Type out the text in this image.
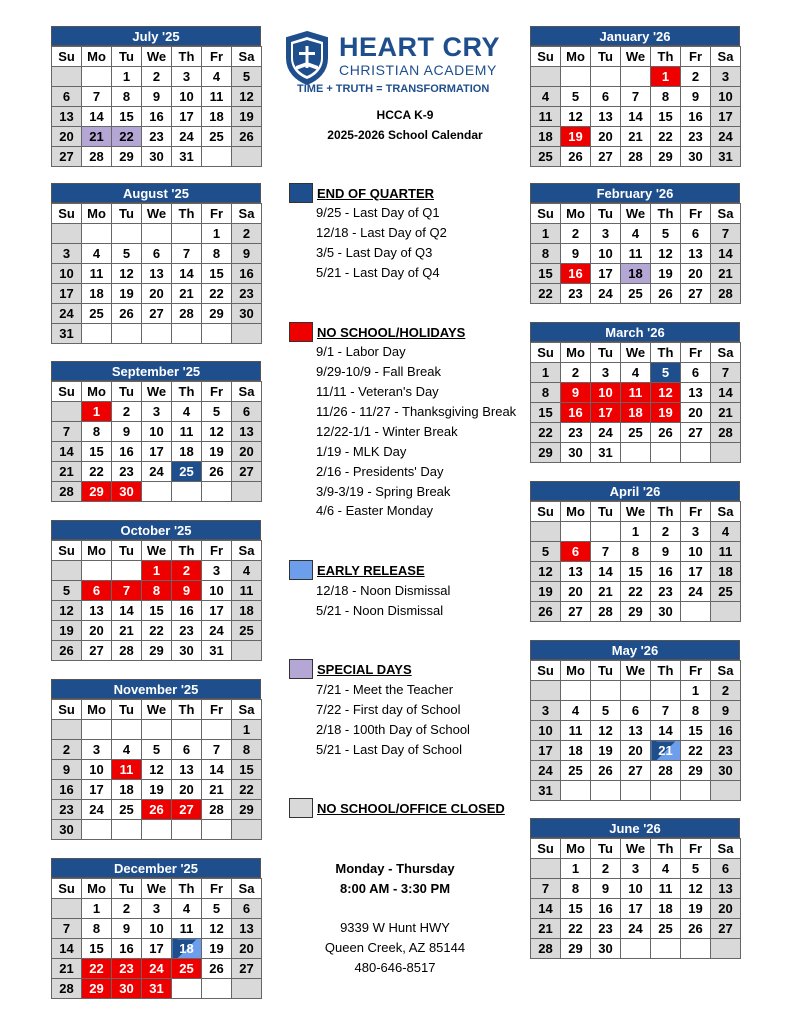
HEART CRY
CHRISTIAN ACADEMY
TIME + TRUTH = TRANSFORMATION
HCCA K-9
2025-2026 School Calendar
July '25
Su	Mo	Tu	We	Th	Fr	Sa
		1	2	3	4	5
6	7	8	9	10	11	12
13	14	15	16	17	18	19
20	21	22	23	24	25	26
27	28	29	30	31		
August '25
Su	Mo	Tu	We	Th	Fr	Sa
					1	2
3	4	5	6	7	8	9
10	11	12	13	14	15	16
17	18	19	20	21	22	23
24	25	26	27	28	29	30
31						
September '25
Su	Mo	Tu	We	Th	Fr	Sa
	1	2	3	4	5	6
7	8	9	10	11	12	13
14	15	16	17	18	19	20
21	22	23	24	25	26	27
28	29	30				
October '25
Su	Mo	Tu	We	Th	Fr	Sa
			1	2	3	4
5	6	7	8	9	10	11
12	13	14	15	16	17	18
19	20	21	22	23	24	25
26	27	28	29	30	31	
November '25
Su	Mo	Tu	We	Th	Fr	Sa
						1
2	3	4	5	6	7	8
9	10	11	12	13	14	15
16	17	18	19	20	21	22
23	24	25	26	27	28	29
30						
December '25
Su	Mo	Tu	We	Th	Fr	Sa
	1	2	3	4	5	6
7	8	9	10	11	12	13
14	15	16	17	18	19	20
21	22	23	24	25	26	27
28	29	30	31			
January '26
Su	Mo	Tu	We	Th	Fr	Sa
				1	2	3
4	5	6	7	8	9	10
11	12	13	14	15	16	17
18	19	20	21	22	23	24
25	26	27	28	29	30	31
February '26
Su	Mo	Tu	We	Th	Fr	Sa
1	2	3	4	5	6	7
8	9	10	11	12	13	14
15	16	17	18	19	20	21
22	23	24	25	26	27	28
March '26
Su	Mo	Tu	We	Th	Fr	Sa
1	2	3	4	5	6	7
8	9	10	11	12	13	14
15	16	17	18	19	20	21
22	23	24	25	26	27	28
29	30	31				
April '26
Su	Mo	Tu	We	Th	Fr	Sa
			1	2	3	4
5	6	7	8	9	10	11
12	13	14	15	16	17	18
19	20	21	22	23	24	25
26	27	28	29	30		
May '26
Su	Mo	Tu	We	Th	Fr	Sa
					1	2
3	4	5	6	7	8	9
10	11	12	13	14	15	16
17	18	19	20	21	22	23
24	25	26	27	28	29	30
31						
June '26
Su	Mo	Tu	We	Th	Fr	Sa
	1	2	3	4	5	6
7	8	9	10	11	12	13
14	15	16	17	18	19	20
21	22	23	24	25	26	27
28	29	30				
END OF QUARTER
9/25 - Last Day of Q1
12/18 - Last Day of Q2
3/5 - Last Day of Q3
5/21 - Last Day of Q4
NO SCHOOL/HOLIDAYS
9/1 - Labor Day
9/29-10/9 - Fall Break
11/11 - Veteran's Day
11/26 - 11/27 - Thanksgiving Break
12/22-1/1 - Winter Break
1/19 - MLK Day
2/16 - Presidents' Day
3/9-3/19 - Spring Break
4/6 - Easter Monday
EARLY RELEASE
12/18 - Noon Dismissal
5/21 - Noon Dismissal
SPECIAL DAYS
7/21 - Meet the Teacher
7/22 - First day of School
2/18 - 100th Day of School
5/21 - Last Day of School
NO SCHOOL/OFFICE CLOSED
Monday - Thursday
8:00 AM - 3:30 PM
9339 W Hunt HWY
Queen Creek, AZ 85144
480-646-8517
